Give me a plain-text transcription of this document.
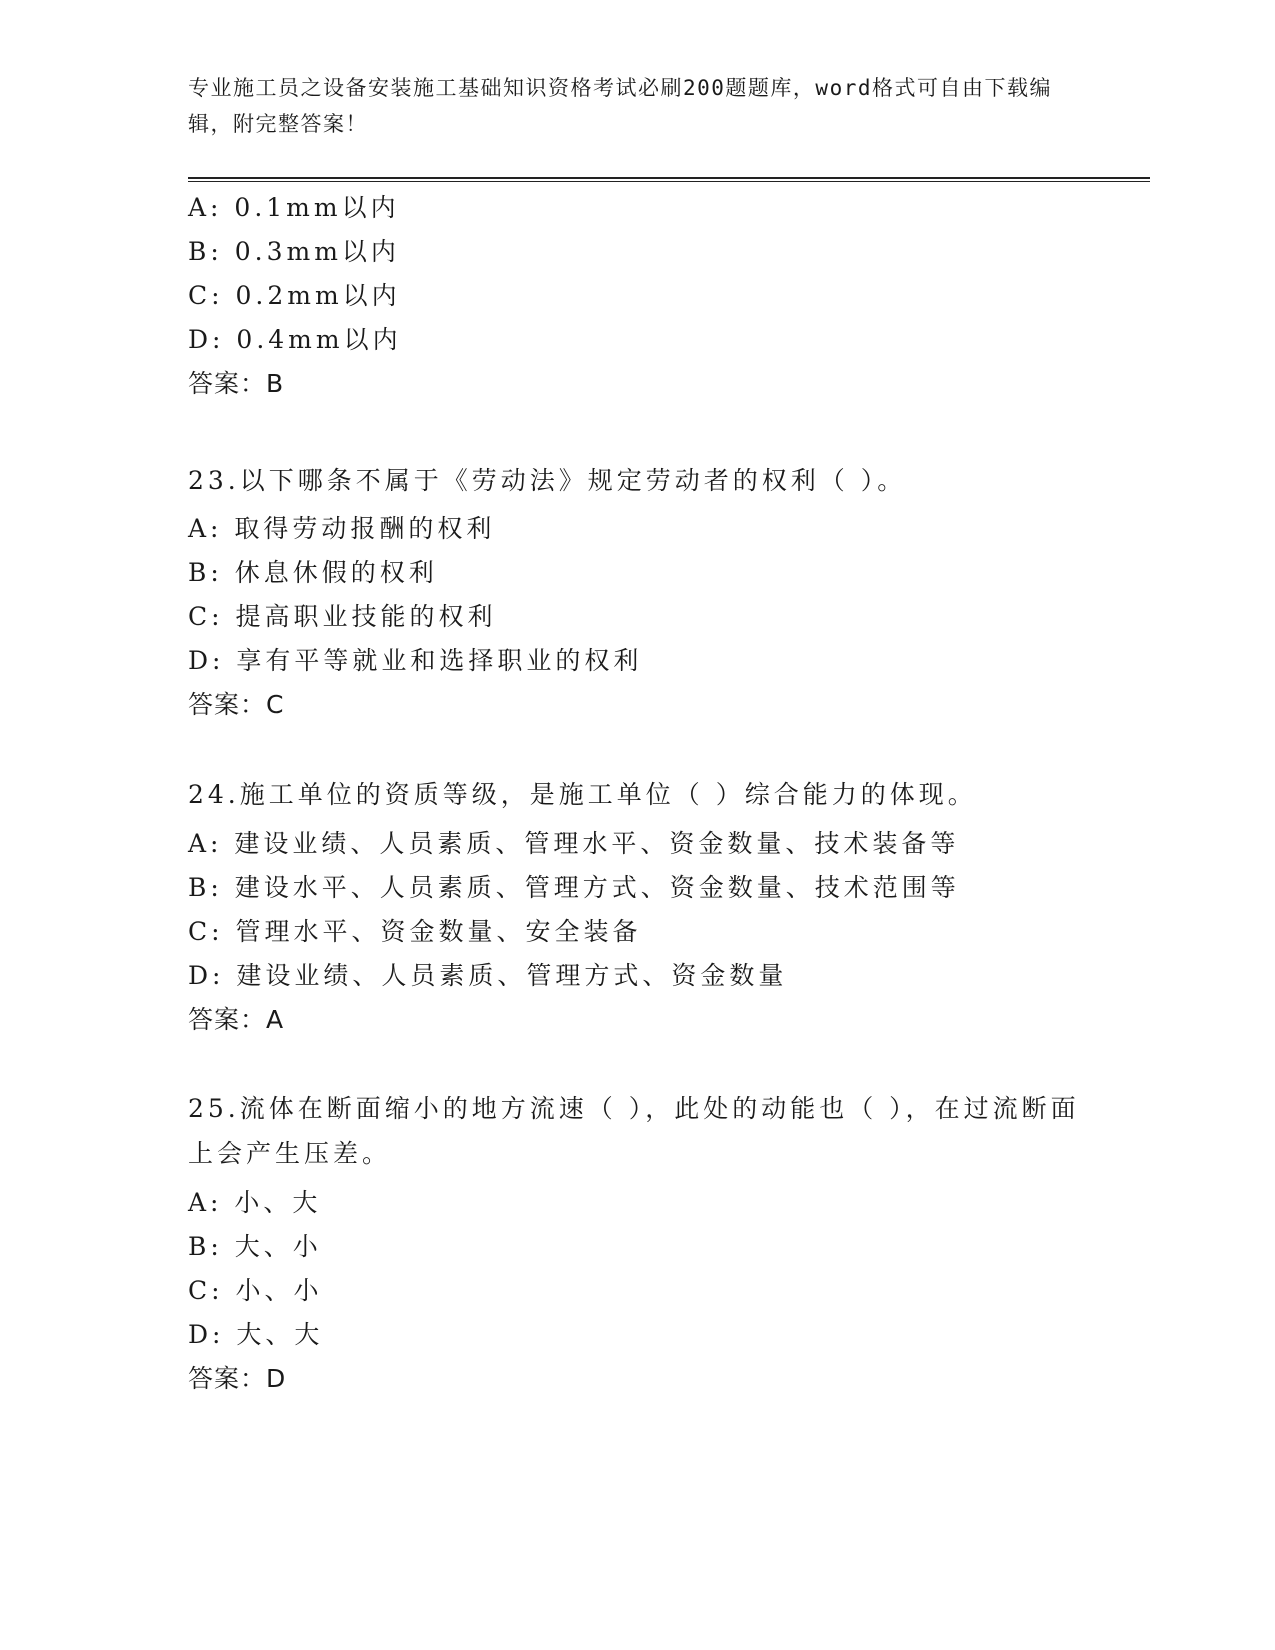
专业施工员之设备安装施工基础知识资格考试必刷200题题库，word格式可自由下载编辑，附完整答案！
A: 0.1mm以内
B: 0.3mm以内
C: 0.2mm以内
D: 0.4mm以内
答案：B
23.以下哪条不属于《劳动法》规定劳动者的权利（ ）。
A: 取得劳动报酬的权利
B: 休息休假的权利
C: 提高职业技能的权利
D: 享有平等就业和选择职业的权利
答案：C
24.施工单位的资质等级，是施工单位（ ）综合能力的体现。
A: 建设业绩、人员素质、管理水平、资金数量、技术装备等
B: 建设水平、人员素质、管理方式、资金数量、技术范围等
C: 管理水平、资金数量、安全装备
D: 建设业绩、人员素质、管理方式、资金数量
答案：A
25.流体在断面缩小的地方流速（ ），此处的动能也（ ），在过流断面上会产生压差。
A: 小、大
B: 大、小
C: 小、小
D: 大、大
答案：D
